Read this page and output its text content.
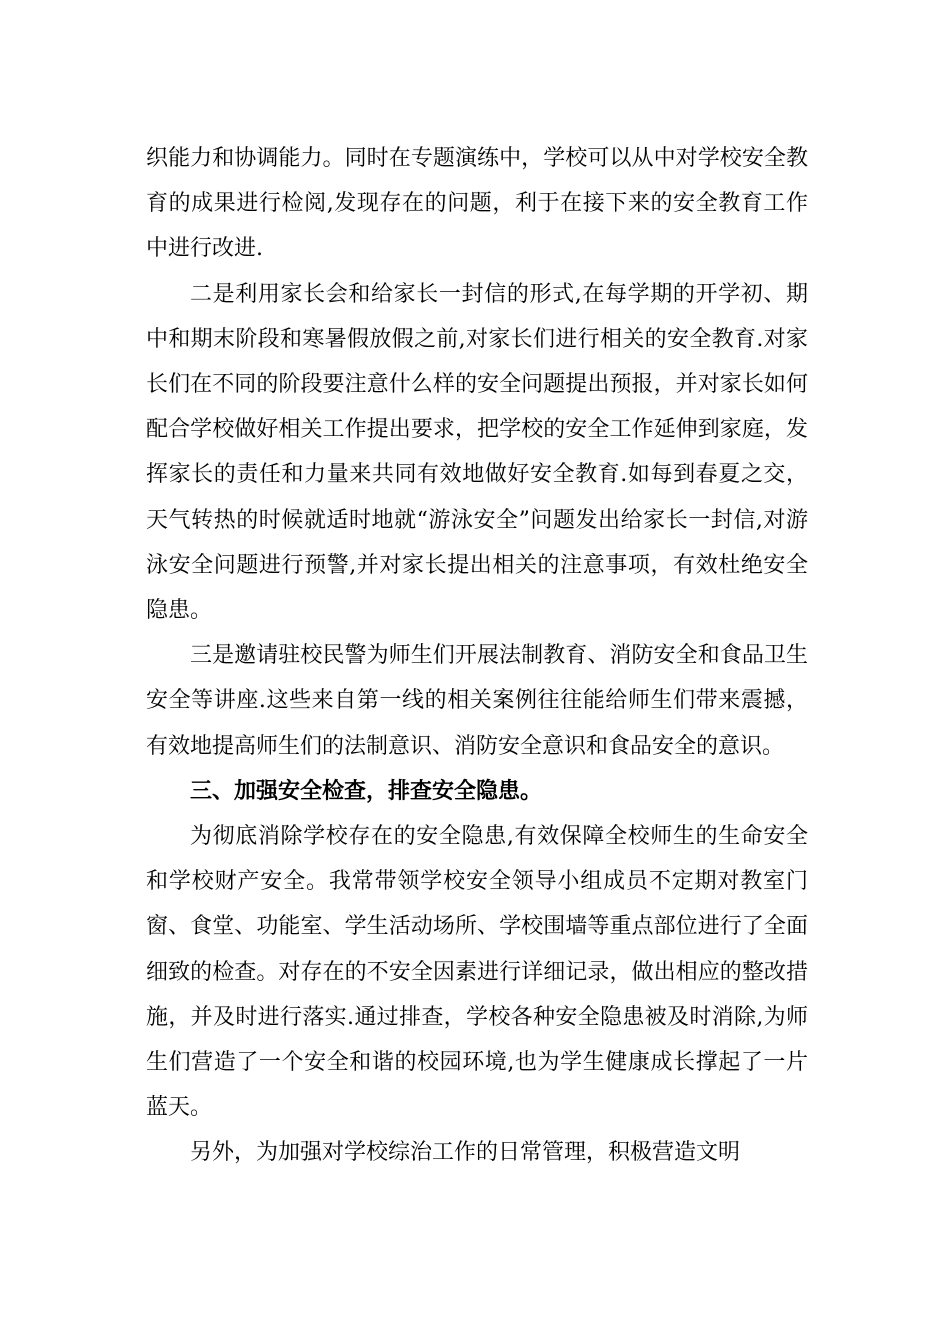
织能力和协调能力。同时在专题演练中，学校可以从中对学校安全教育的成果进行检阅,发现存在的问题，利于在接下来的安全教育工作中进行改进.

二是利用家长会和给家长一封信的形式,在每学期的开学初、期中和期末阶段和寒暑假放假之前,对家长们进行相关的安全教育.对家长们在不同的阶段要注意什么样的安全问题提出预报，并对家长如何配合学校做好相关工作提出要求，把学校的安全工作延伸到家庭，发挥家长的责任和力量来共同有效地做好安全教育.如每到春夏之交，天气转热的时候就适时地就“游泳安全”问题发出给家长一封信,对游泳安全问题进行预警,并对家长提出相关的注意事项，有效杜绝安全隐患。

三是邀请驻校民警为师生们开展法制教育、消防安全和食品卫生安全等讲座.这些来自第一线的相关案例往往能给师生们带来震撼，有效地提高师生们的法制意识、消防安全意识和食品安全的意识。

三、加强安全检查，排查安全隐患。

为彻底消除学校存在的安全隐患,有效保障全校师生的生命安全和学校财产安全。我常带领学校安全领导小组成员不定期对教室门窗、食堂、功能室、学生活动场所、学校围墙等重点部位进行了全面细致的检查。对存在的不安全因素进行详细记录，做出相应的整改措施，并及时进行落实.通过排查，学校各种安全隐患被及时消除,为师生们营造了一个安全和谐的校园环境,也为学生健康成长撑起了一片蓝天。

另外，为加强对学校综治工作的日常管理，积极营造文明
